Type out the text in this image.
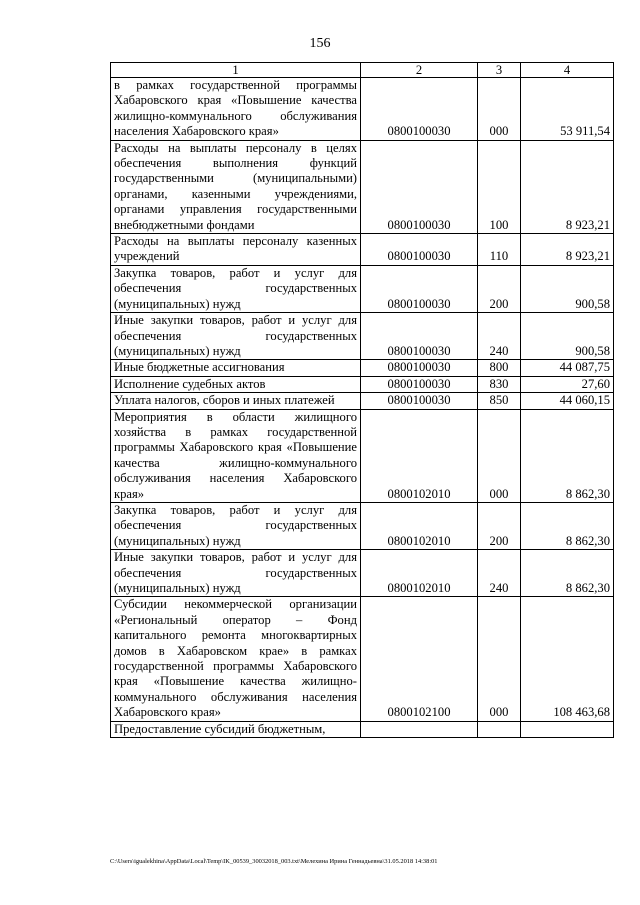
156
1	2	3	4
в рамках государственной программы Хабаровского края «Повышение качества жилищно-коммунального обслуживания населения Хабаровского края»	0800100030	000	53 911,54
Расходы на выплаты персоналу в целях обеспечения выполнения функций государственными (муниципальными) органами, казенными учреждениями, органами управления государственными внебюджетными фондами	0800100030	100	8 923,21
Расходы на выплаты персоналу казенных учреждений	0800100030	110	8 923,21
Закупка товаров, работ и услуг для обеспечения государственных (муниципальных) нужд	0800100030	200	900,58
Иные закупки товаров, работ и услуг для обеспечения государственных (муниципальных) нужд	0800100030	240	900,58
Иные бюджетные ассигнования	0800100030	800	44 087,75
Исполнение судебных актов	0800100030	830	27,60
Уплата налогов, сборов и иных платежей	0800100030	850	44 060,15
Мероприятия в области жилищного хозяйства в рамках государственной программы Хабаровского края «Повышение качества жилищно-коммунального обслуживания населения Хабаровского края»	0800102010	000	8 862,30
Закупка товаров, работ и услуг для обеспечения государственных (муниципальных) нужд	0800102010	200	8 862,30
Иные закупки товаров, работ и услуг для обеспечения государственных (муниципальных) нужд	0800102010	240	8 862,30
Субсидии некоммерческой организации «Региональный оператор – Фонд капитального ремонта многоквартирных домов в Хабаровском крае» в рамках государственной программы Хабаровского края «Повышение качества жилищно-коммунального обслуживания населения Хабаровского края»	0800102100	000	108 463,68
Предоставление субсидий бюджетным,			
C:\Users\igualekhina\AppData\Local\Temp\IK_00539_30032018_003.txt\Мелехина Ирина Геннадьевна\31.05.2018 14:38:01
